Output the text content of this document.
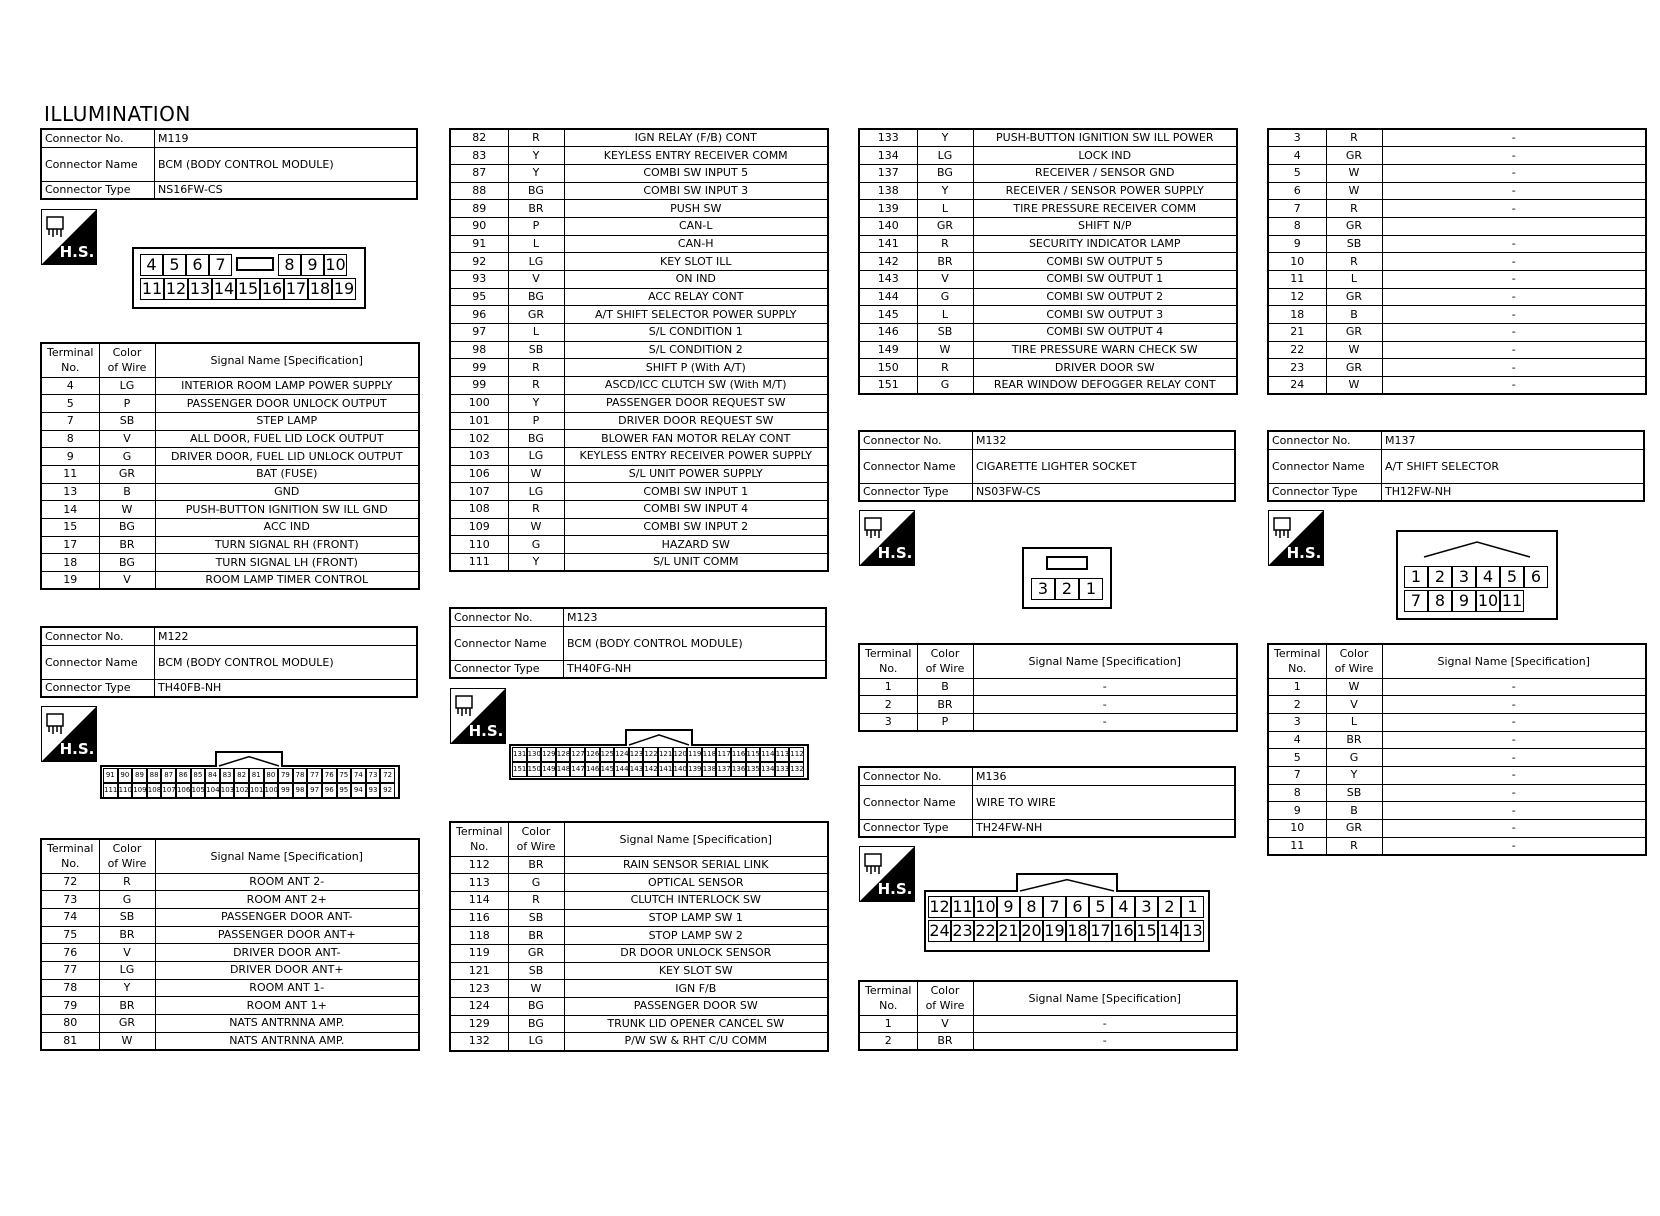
ILLUMINATION
Connector No.	M119
Connector Name	BCM (BODY CONTROL MODULE)
Connector Type	NS16FW-CS
H.S.
4 5 6 7	8 9 10
11 12 13 14 15 16 17 18 19
Terminal
No.	Color
of Wire	Signal Name [Specification]
4	LG	INTERIOR ROOM LAMP POWER SUPPLY
5	P	PASSENGER DOOR UNLOCK OUTPUT
7	SB	STEP LAMP
8	V	ALL DOOR, FUEL LID LOCK OUTPUT
9	G	DRIVER DOOR, FUEL LID UNLOCK OUTPUT
11	GR	BAT (FUSE)
13	B	GND
14	W	PUSH-BUTTON IGNITION SW ILL GND
15	BG	ACC IND
17	BR	TURN SIGNAL RH (FRONT)
18	BG	TURN SIGNAL LH (FRONT)
19	V	ROOM LAMP TIMER CONTROL
Connector No.	M122
Connector Name	BCM (BODY CONTROL MODULE)
Connector Type	TH40FB-NH
H.S.
91 90 89 88 87 86 85 84 83 82 81 80 79 78 77 76 75 74 73 72
111 110 109 108 107 106 105 104 103 102 101 100 99 98 97 96 95 94 93 92
Terminal
No.	Color
of Wire	Signal Name [Specification]
72	R	ROOM ANT 2-
73	G	ROOM ANT 2+
74	SB	PASSENGER DOOR ANT-
75	BR	PASSENGER DOOR ANT+
76	V	DRIVER DOOR ANT-
77	LG	DRIVER DOOR ANT+
78	Y	ROOM ANT 1-
79	BR	ROOM ANT 1+
80	GR	NATS ANTRNNA AMP.
81	W	NATS ANTRNNA AMP.
82	R	IGN RELAY (F/B) CONT
83	Y	KEYLESS ENTRY RECEIVER COMM
87	Y	COMBI SW INPUT 5
88	BG	COMBI SW INPUT 3
89	BR	PUSH SW
90	P	CAN-L
91	L	CAN-H
92	LG	KEY SLOT ILL
93	V	ON IND
95	BG	ACC RELAY CONT
96	GR	A/T SHIFT SELECTOR POWER SUPPLY
97	L	S/L CONDITION 1
98	SB	S/L CONDITION 2
99	R	SHIFT P (With A/T)
99	R	ASCD/ICC CLUTCH SW (With M/T)
100	Y	PASSENGER DOOR REQUEST SW
101	P	DRIVER DOOR REQUEST SW
102	BG	BLOWER FAN MOTOR RELAY CONT
103	LG	KEYLESS ENTRY RECEIVER POWER SUPPLY
106	W	S/L UNIT POWER SUPPLY
107	LG	COMBI SW INPUT 1
108	R	COMBI SW INPUT 4
109	W	COMBI SW INPUT 2
110	G	HAZARD SW
111	Y	S/L UNIT COMM
Connector No.	M123
Connector Name	BCM (BODY CONTROL MODULE)
Connector Type	TH40FG-NH
H.S.
131 130 129 128 127 126 125 124 123 122 121 120 119 118 117 116 115 114 113 112
151 150 149 148 147 146 145 144 143 142 141 140 139 138 137 136 135 134 133 132
Terminal
No.	Color
of Wire	Signal Name [Specification]
112	BR	RAIN SENSOR SERIAL LINK
113	G	OPTICAL SENSOR
114	R	CLUTCH INTERLOCK SW
116	SB	STOP LAMP SW 1
118	BR	STOP LAMP SW 2
119	GR	DR DOOR UNLOCK SENSOR
121	SB	KEY SLOT SW
123	W	IGN F/B
124	BG	PASSENGER DOOR SW
129	BG	TRUNK LID OPENER CANCEL SW
132	LG	P/W SW & RHT C/U COMM
133	Y	PUSH-BUTTON IGNITION SW ILL POWER
134	LG	LOCK IND
137	BG	RECEIVER / SENSOR GND
138	Y	RECEIVER / SENSOR POWER SUPPLY
139	L	TIRE PRESSURE RECEIVER COMM
140	GR	SHIFT N/P
141	R	SECURITY INDICATOR LAMP
142	BR	COMBI SW OUTPUT 5
143	V	COMBI SW OUTPUT 1
144	G	COMBI SW OUTPUT 2
145	L	COMBI SW OUTPUT 3
146	SB	COMBI SW OUTPUT 4
149	W	TIRE PRESSURE WARN CHECK SW
150	R	DRIVER DOOR SW
151	G	REAR WINDOW DEFOGGER RELAY CONT
Connector No.	M132
Connector Name	CIGARETTE LIGHTER SOCKET
Connector Type	NS03FW-CS
H.S.
3 2 1
Terminal
No.	Color
of Wire	Signal Name [Specification]
1	B	-
2	BR	-
3	P	-
Connector No.	M136
Connector Name	WIRE TO WIRE
Connector Type	TH24FW-NH
H.S.
12 11 10 9 8 7 6 5 4 3 2 1
24 23 22 21 20 19 18 17 16 15 14 13
Terminal
No.	Color
of Wire	Signal Name [Specification]
1	V	-
2	BR	-
3	R	-
4	GR	-
5	W	-
6	W	-
7	R	-
8	GR	
9	SB	-
10	R	-
11	L	-
12	GR	-
18	B	-
21	GR	-
22	W	-
23	GR	-
24	W	-
Connector No.	M137
Connector Name	A/T SHIFT SELECTOR
Connector Type	TH12FW-NH
H.S.
1 2 3 4 5 6
7 8 9 10 11
Terminal
No.	Color
of Wire	Signal Name [Specification]
1	W	-
2	V	-
3	L	-
4	BR	-
5	G	-
7	Y	-
8	SB	-
9	B	-
10	GR	-
11	R	-
